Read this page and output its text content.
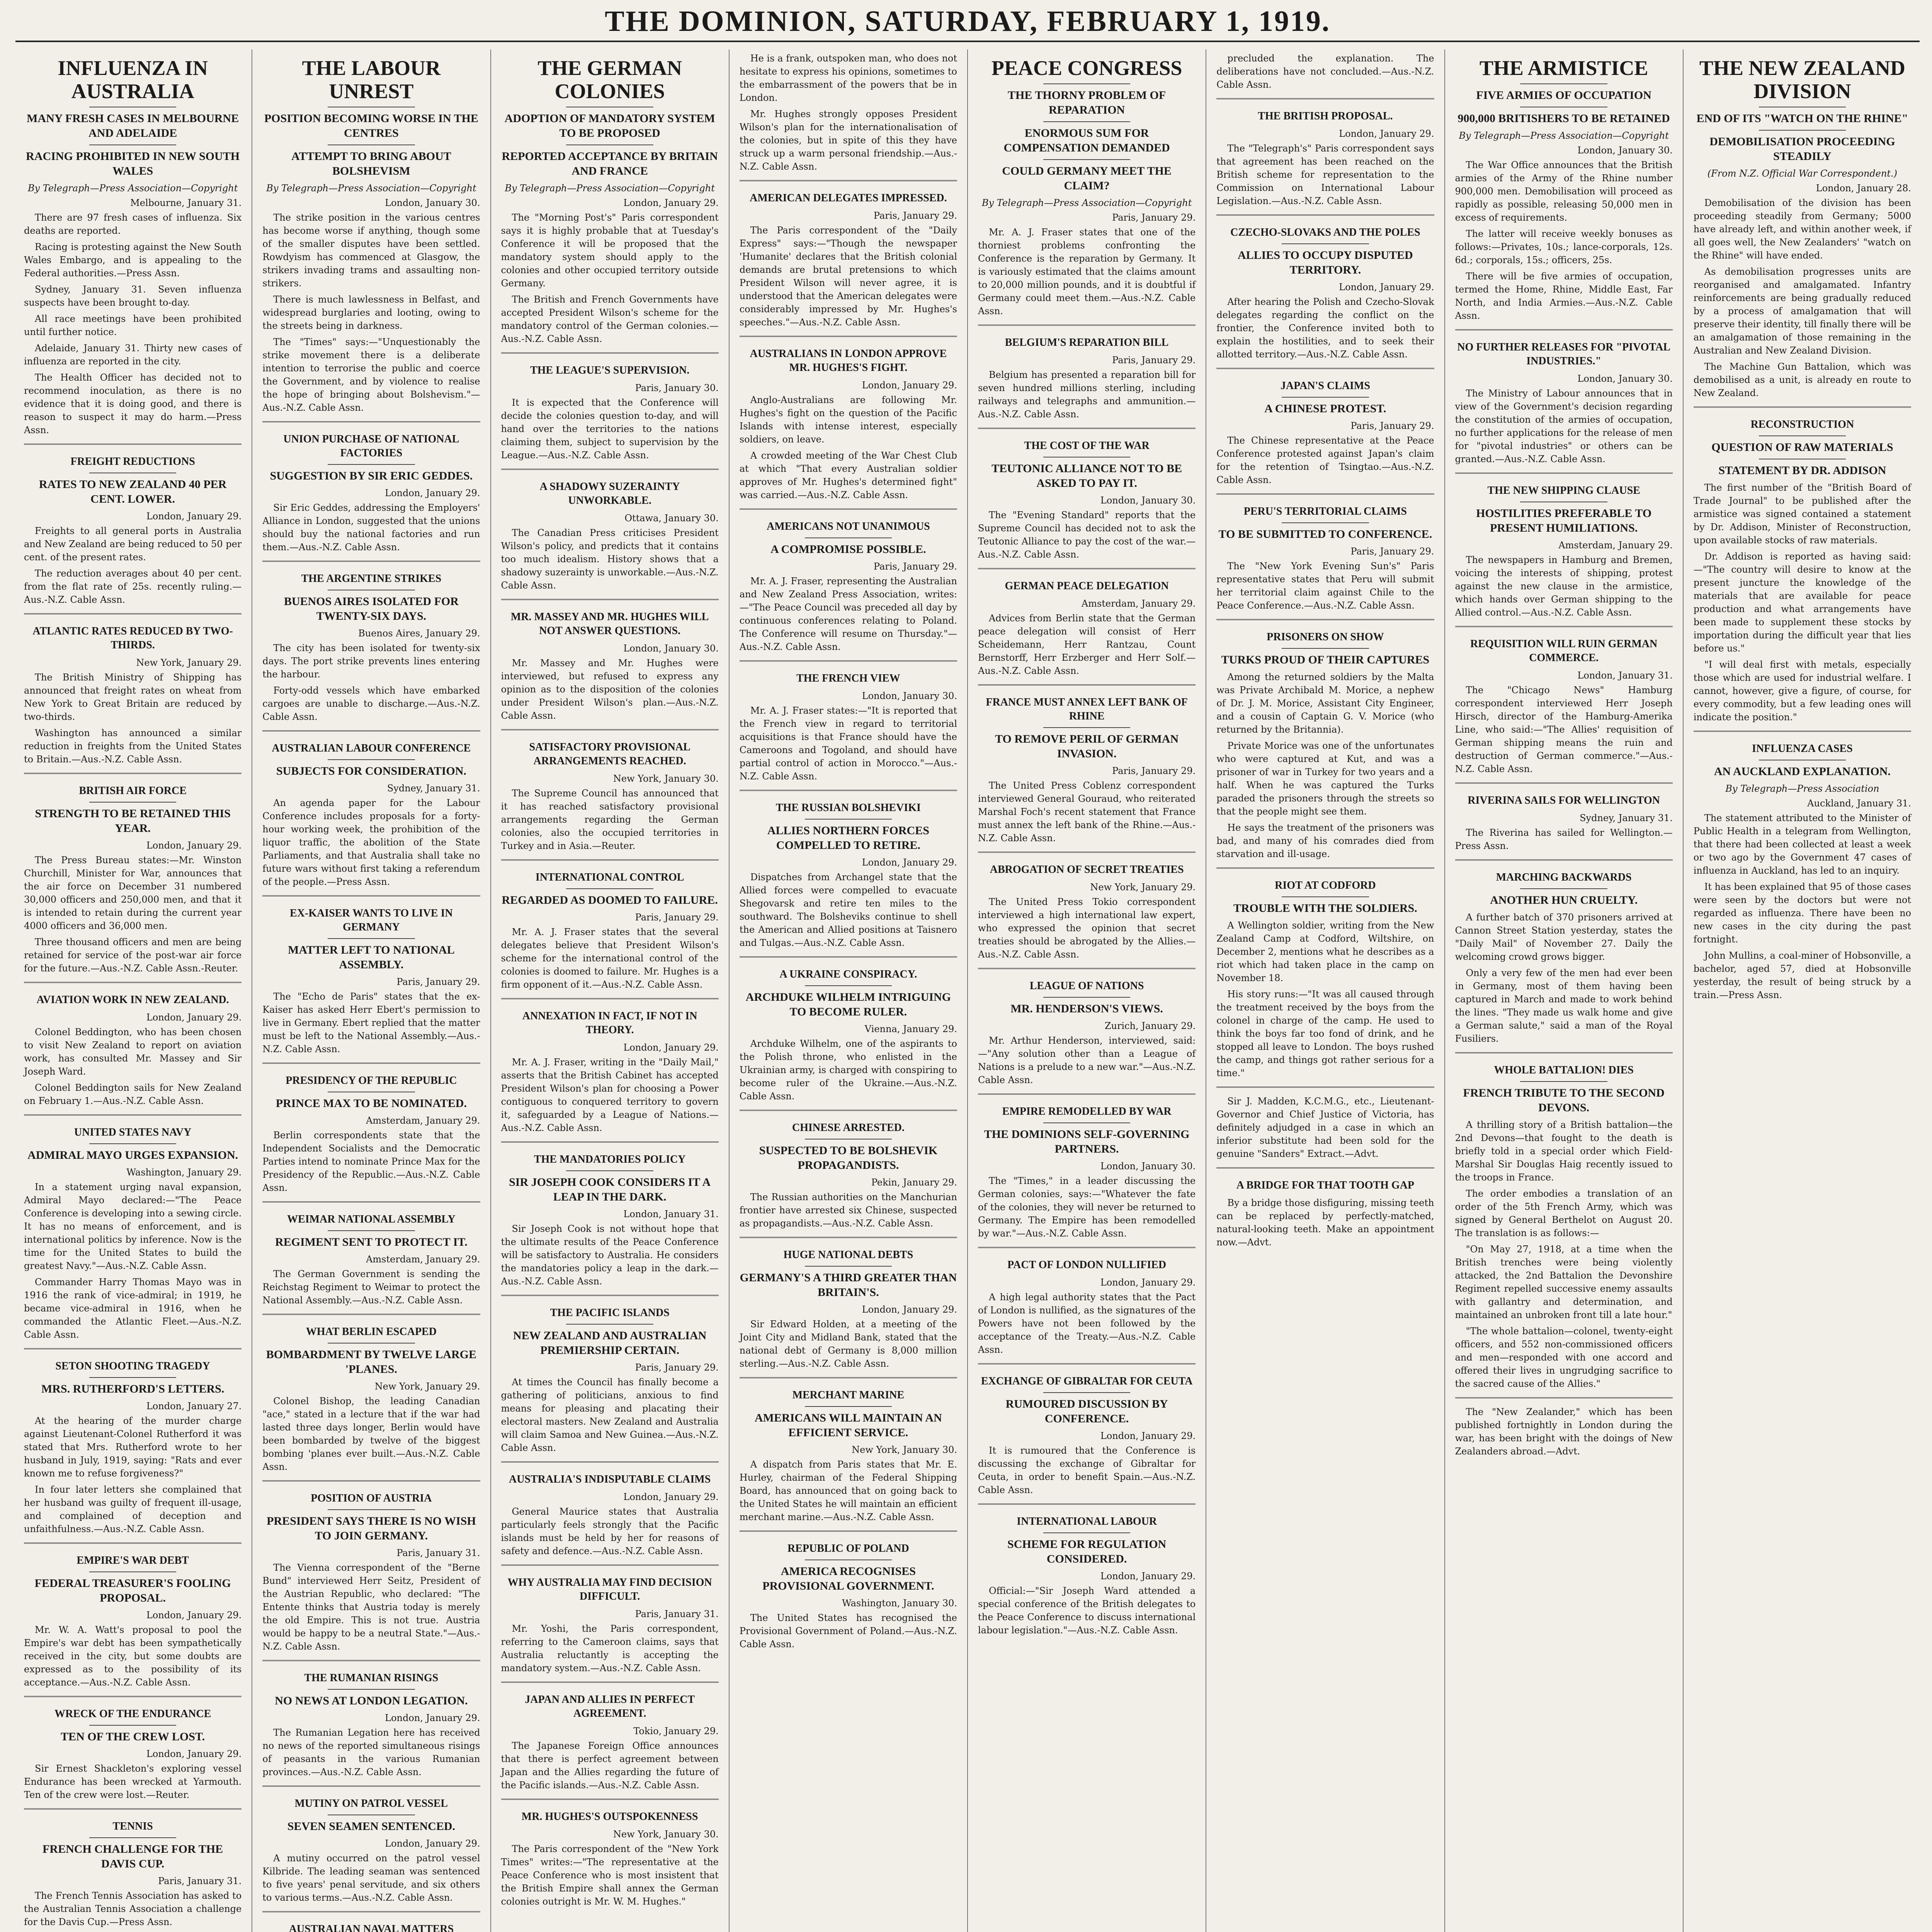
THE DOMINION, SATURDAY, FEBRUARY 1, 1919.
INFLUENZA IN AUSTRALIA
MANY FRESH CASES IN MELBOURNE AND ADELAIDE
RACING PROHIBITED IN NEW SOUTH WALES
By Telegraph—Press Association—Copyright
Melbourne, January 31.

There are 97 fresh cases of influenza. Six deaths are reported.

Racing is protesting against the New South Wales Embargo, and is appealing to the Federal authorities.—Press Assn.

Sydney, January 31. Seven influenza suspects have been brought to-day.

All race meetings have been prohibited until further notice.

Adelaide, January 31. Thirty new cases of influenza are reported in the city.

The Health Officer has decided not to recommend inoculation, as there is no evidence that it is doing good, and there is reason to suspect it may do harm.—Press Assn.

FREIGHT REDUCTIONS
RATES TO NEW ZEALAND 40 PER CENT. LOWER.
London, January 29.

Freights to all general ports in Australia and New Zealand are being reduced to 50 per cent. of the present rates.

The reduction averages about 40 per cent. from the flat rate of 25s. recently ruling.—Aus.-N.Z. Cable Assn.

ATLANTIC RATES REDUCED BY TWO-THIRDS.
New York, January 29.

The British Ministry of Shipping has announced that freight rates on wheat from New York to Great Britain are reduced by two-thirds.

Washington has announced a similar reduction in freights from the United States to Britain.—Aus.-N.Z. Cable Assn.

BRITISH AIR FORCE
STRENGTH TO BE RETAINED THIS YEAR.
London, January 29.

The Press Bureau states:—Mr. Winston Churchill, Minister for War, announces that the air force on December 31 numbered 30,000 officers and 250,000 men, and that it is intended to retain during the current year 4000 officers and 36,000 men.

Three thousand officers and men are being retained for service of the post-war air force for the future.—Aus.-N.Z. Cable Assn.-Reuter.

AVIATION WORK IN NEW ZEALAND.
London, January 29.

Colonel Beddington, who has been chosen to visit New Zealand to report on aviation work, has consulted Mr. Massey and Sir Joseph Ward.

Colonel Beddington sails for New Zealand on February 1.—Aus.-N.Z. Cable Assn.

UNITED STATES NAVY
ADMIRAL MAYO URGES EXPANSION.
Washington, January 29.

In a statement urging naval expansion, Admiral Mayo declared:—"The Peace Conference is developing into a sewing circle. It has no means of enforcement, and is international politics by inference. Now is the time for the United States to build the greatest Navy."—Aus.-N.Z. Cable Assn.

Commander Harry Thomas Mayo was in 1916 the rank of vice-admiral; in 1919, he became vice-admiral in 1916, when he commanded the Atlantic Fleet.—Aus.-N.Z. Cable Assn.

SETON SHOOTING TRAGEDY
MRS. RUTHERFORD'S LETTERS.
London, January 27.

At the hearing of the murder charge against Lieutenant-Colonel Rutherford it was stated that Mrs. Rutherford wrote to her husband in July, 1919, saying: "Rats and ever known me to refuse forgiveness?"

In four later letters she complained that her husband was guilty of frequent ill-usage, and complained of deception and unfaithfulness.—Aus.-N.Z. Cable Assn.

EMPIRE'S WAR DEBT
FEDERAL TREASURER'S FOOLING PROPOSAL.
London, January 29.

Mr. W. A. Watt's proposal to pool the Empire's war debt has been sympathetically received in the city, but some doubts are expressed as to the possibility of its acceptance.—Aus.-N.Z. Cable Assn.

WRECK OF THE ENDURANCE
TEN OF THE CREW LOST.
London, January 29.

Sir Ernest Shackleton's exploring vessel Endurance has been wrecked at Yarmouth. Ten of the crew were lost.—Reuter.

TENNIS
FRENCH CHALLENGE FOR THE DAVIS CUP.
Paris, January 31.

The French Tennis Association has asked to the Australian Tennis Association a challenge for the Davis Cup.—Press Assn.

THE LABOUR UNREST
POSITION BECOMING WORSE IN THE CENTRES
ATTEMPT TO BRING ABOUT BOLSHEVISM
By Telegraph—Press Association—Copyright
London, January 30.

The strike position in the various centres has become worse if anything, though some of the smaller disputes have been settled. Rowdyism has commenced at Glasgow, the strikers invading trams and assaulting non-strikers.

There is much lawlessness in Belfast, and widespread burglaries and looting, owing to the streets being in darkness.

The "Times" says:—"Unquestionably the strike movement there is a deliberate intention to terrorise the public and coerce the Government, and by violence to realise the hope of bringing about Bolshevism."—Aus.-N.Z. Cable Assn.

UNION PURCHASE OF NATIONAL FACTORIES
SUGGESTION BY SIR ERIC GEDDES.
London, January 29.

Sir Eric Geddes, addressing the Employers' Alliance in London, suggested that the unions should buy the national factories and run them.—Aus.-N.Z. Cable Assn.

THE ARGENTINE STRIKES
BUENOS AIRES ISOLATED FOR TWENTY-SIX DAYS.
Buenos Aires, January 29.

The city has been isolated for twenty-six days. The port strike prevents lines entering the harbour.

Forty-odd vessels which have embarked cargoes are unable to discharge.—Aus.-N.Z. Cable Assn.

AUSTRALIAN LABOUR CONFERENCE
SUBJECTS FOR CONSIDERATION.
Sydney, January 31.

An agenda paper for the Labour Conference includes proposals for a forty-hour working week, the prohibition of the liquor traffic, the abolition of the State Parliaments, and that Australia shall take no future wars without first taking a referendum of the people.—Press Assn.

EX-KAISER WANTS TO LIVE IN GERMANY
MATTER LEFT TO NATIONAL ASSEMBLY.
Paris, January 29.

The "Echo de Paris" states that the ex-Kaiser has asked Herr Ebert's permission to live in Germany. Ebert replied that the matter must be left to the National Assembly.—Aus.-N.Z. Cable Assn.

PRESIDENCY OF THE REPUBLIC
PRINCE MAX TO BE NOMINATED.
Amsterdam, January 29.

Berlin correspondents state that the Independent Socialists and the Democratic Parties intend to nominate Prince Max for the Presidency of the Republic.—Aus.-N.Z. Cable Assn.

WEIMAR NATIONAL ASSEMBLY
REGIMENT SENT TO PROTECT IT.
Amsterdam, January 29.

The German Government is sending the Reichstag Regiment to Weimar to protect the National Assembly.—Aus.-N.Z. Cable Assn.

WHAT BERLIN ESCAPED
BOMBARDMENT BY TWELVE LARGE 'PLANES.
New York, January 29.

Colonel Bishop, the leading Canadian "ace," stated in a lecture that if the war had lasted three days longer, Berlin would have been bombarded by twelve of the biggest bombing 'planes ever built.—Aus.-N.Z. Cable Assn.

POSITION OF AUSTRIA
PRESIDENT SAYS THERE IS NO WISH TO JOIN GERMANY.
Paris, January 31.

The Vienna correspondent of the "Berne Bund" interviewed Herr Seitz, President of the Austrian Republic, who declared: "The Entente thinks that Austria today is merely the old Empire. This is not true. Austria would be happy to be a neutral State."—Aus.-N.Z. Cable Assn.

THE RUMANIAN RISINGS
NO NEWS AT LONDON LEGATION.
London, January 29.

The Rumanian Legation here has received no news of the reported simultaneous risings of peasants in the various Rumanian provinces.—Aus.-N.Z. Cable Assn.

MUTINY ON PATROL VESSEL
SEVEN SEAMEN SENTENCED.
London, January 29.

A mutiny occurred on the patrol vessel Kilbride. The leading seaman was sentenced to five years' penal servitude, and six others to various terms.—Aus.-N.Z. Cable Assn.

AUSTRALIAN NAVAL MATTERS

THE GERMAN COLONIES
ADOPTION OF MANDATORY SYSTEM TO BE PROPOSED
REPORTED ACCEPTANCE BY BRITAIN AND FRANCE
By Telegraph—Press Association—Copyright
London, January 29.

The "Morning Post's" Paris correspondent says it is highly probable that at Tuesday's Conference it will be proposed that the mandatory system should apply to the colonies and other occupied territory outside Germany.

The British and French Governments have accepted President Wilson's scheme for the mandatory control of the German colonies.—Aus.-N.Z. Cable Assn.

THE LEAGUE'S SUPERVISION.
Paris, January 30.

It is expected that the Conference will decide the colonies question to-day, and will hand over the territories to the nations claiming them, subject to supervision by the League.—Aus.-N.Z. Cable Assn.

A SHADOWY SUZERAINTY UNWORKABLE.
Ottawa, January 30.

The Canadian Press criticises President Wilson's policy, and predicts that it contains too much idealism. History shows that a shadowy suzerainty is unworkable.—Aus.-N.Z. Cable Assn.

MR. MASSEY AND MR. HUGHES WILL NOT ANSWER QUESTIONS.
London, January 30.

Mr. Massey and Mr. Hughes were interviewed, but refused to express any opinion as to the disposition of the colonies under President Wilson's plan.—Aus.-N.Z. Cable Assn.

SATISFACTORY PROVISIONAL ARRANGEMENTS REACHED.
New York, January 30.

The Supreme Council has announced that it has reached satisfactory provisional arrangements regarding the German colonies, also the occupied territories in Turkey and in Asia.—Reuter.

INTERNATIONAL CONTROL
REGARDED AS DOOMED TO FAILURE.
Paris, January 29.

Mr. A. J. Fraser states that the several delegates believe that President Wilson's scheme for the international control of the colonies is doomed to failure. Mr. Hughes is a firm opponent of it.—Aus.-N.Z. Cable Assn.

ANNEXATION IN FACT, IF NOT IN THEORY.
London, January 29.

Mr. A. J. Fraser, writing in the "Daily Mail," asserts that the British Cabinet has accepted President Wilson's plan for choosing a Power contiguous to conquered territory to govern it, safeguarded by a League of Nations.—Aus.-N.Z. Cable Assn.

THE MANDATORIES POLICY
SIR JOSEPH COOK CONSIDERS IT A LEAP IN THE DARK.
London, January 31.

Sir Joseph Cook is not without hope that the ultimate results of the Peace Conference will be satisfactory to Australia. He considers the mandatories policy a leap in the dark.—Aus.-N.Z. Cable Assn.

THE PACIFIC ISLANDS
NEW ZEALAND AND AUSTRALIAN PREMIERSHIP CERTAIN.
Paris, January 29.

At times the Council has finally become a gathering of politicians, anxious to find means for pleasing and placating their electoral masters. New Zealand and Australia will claim Samoa and New Guinea.—Aus.-N.Z. Cable Assn.

AUSTRALIA'S INDISPUTABLE CLAIMS
London, January 29.

General Maurice states that Australia particularly feels strongly that the Pacific islands must be held by her for reasons of safety and defence.—Aus.-N.Z. Cable Assn.

WHY AUSTRALIA MAY FIND DECISION DIFFICULT.
Paris, January 31.

Mr. Yoshi, the Paris correspondent, referring to the Cameroon claims, says that Australia reluctantly is accepting the mandatory system.—Aus.-N.Z. Cable Assn.

JAPAN AND ALLIES IN PERFECT AGREEMENT.
Tokio, January 29.

The Japanese Foreign Office announces that there is perfect agreement between Japan and the Allies regarding the future of the Pacific islands.—Aus.-N.Z. Cable Assn.

MR. HUGHES'S OUTSPOKENNESS
New York, January 30.

The Paris correspondent of the "New York Times" writes:—"The representative at the Peace Conference who is most insistent that the British Empire shall annex the German colonies outright is Mr. W. M. Hughes."

He is a frank, outspoken man, who does not hesitate to express his opinions, sometimes to the embarrassment of the powers that be in London.

Mr. Hughes strongly opposes President Wilson's plan for the internationalisation of the colonies, but in spite of this they have struck up a warm personal friendship.—Aus.-N.Z. Cable Assn.

AMERICAN DELEGATES IMPRESSED.
Paris, January 29.

The Paris correspondent of the "Daily Express" says:—"Though the newspaper 'Humanite' declares that the British colonial demands are brutal pretensions to which President Wilson will never agree, it is understood that the American delegates were considerably impressed by Mr. Hughes's speeches."—Aus.-N.Z. Cable Assn.

AUSTRALIANS IN LONDON APPROVE MR. HUGHES'S FIGHT.
London, January 29.

Anglo-Australians are following Mr. Hughes's fight on the question of the Pacific Islands with intense interest, especially soldiers, on leave.

A crowded meeting of the War Chest Club at which "That every Australian soldier approves of Mr. Hughes's determined fight" was carried.—Aus.-N.Z. Cable Assn.

AMERICANS NOT UNANIMOUS
A COMPROMISE POSSIBLE.
Paris, January 29.

Mr. A. J. Fraser, representing the Australian and New Zealand Press Association, writes:—"The Peace Council was preceded all day by continuous conferences relating to Poland. The Conference will resume on Thursday."—Aus.-N.Z. Cable Assn.

THE FRENCH VIEW
London, January 30.

Mr. A. J. Fraser states:—"It is reported that the French view in regard to territorial acquisitions is that France should have the Cameroons and Togoland, and should have partial control of action in Morocco."—Aus.-N.Z. Cable Assn.

THE RUSSIAN BOLSHEVIKI
ALLIES NORTHERN FORCES COMPELLED TO RETIRE.
London, January 29.

Dispatches from Archangel state that the Allied forces were compelled to evacuate Shegovarsk and retire ten miles to the southward. The Bolsheviks continue to shell the American and Allied positions at Taisnero and Tulgas.—Aus.-N.Z. Cable Assn.

A UKRAINE CONSPIRACY.
ARCHDUKE WILHELM INTRIGUING TO BECOME RULER.
Vienna, January 29.

Archduke Wilhelm, one of the aspirants to the Polish throne, who enlisted in the Ukrainian army, is charged with conspiring to become ruler of the Ukraine.—Aus.-N.Z. Cable Assn.

CHINESE ARRESTED.
SUSPECTED TO BE BOLSHEVIK PROPAGANDISTS.
Pekin, January 29.

The Russian authorities on the Manchurian frontier have arrested six Chinese, suspected as propagandists.—Aus.-N.Z. Cable Assn.

HUGE NATIONAL DEBTS
GERMANY'S A THIRD GREATER THAN BRITAIN'S.
London, January 29.

Sir Edward Holden, at a meeting of the Joint City and Midland Bank, stated that the national debt of Germany is 8,000 million sterling.—Aus.-N.Z. Cable Assn.

MERCHANT MARINE
AMERICANS WILL MAINTAIN AN EFFICIENT SERVICE.
New York, January 30.

A dispatch from Paris states that Mr. E. Hurley, chairman of the Federal Shipping Board, has announced that on going back to the United States he will maintain an efficient merchant marine.—Aus.-N.Z. Cable Assn.

REPUBLIC OF POLAND
AMERICA RECOGNISES PROVISIONAL GOVERNMENT.
Washington, January 30.

The United States has recognised the Provisional Government of Poland.—Aus.-N.Z. Cable Assn.

PEACE CONGRESS
THE THORNY PROBLEM OF REPARATION
ENORMOUS SUM FOR COMPENSATION DEMANDED
COULD GERMANY MEET THE CLAIM?
By Telegraph—Press Association—Copyright
Paris, January 29.

Mr. A. J. Fraser states that one of the thorniest problems confronting the Conference is the reparation by Germany. It is variously estimated that the claims amount to 20,000 million pounds, and it is doubtful if Germany could meet them.—Aus.-N.Z. Cable Assn.

BELGIUM'S REPARATION BILL
Paris, January 29.

Belgium has presented a reparation bill for seven hundred millions sterling, including railways and telegraphs and ammunition.—Aus.-N.Z. Cable Assn.

THE COST OF THE WAR
TEUTONIC ALLIANCE NOT TO BE ASKED TO PAY IT.
London, January 30.

The "Evening Standard" reports that the Supreme Council has decided not to ask the Teutonic Alliance to pay the cost of the war.—Aus.-N.Z. Cable Assn.

GERMAN PEACE DELEGATION
Amsterdam, January 29.

Advices from Berlin state that the German peace delegation will consist of Herr Scheidemann, Herr Rantzau, Count Bernstorff, Herr Erzberger and Herr Solf.—Aus.-N.Z. Cable Assn.

FRANCE MUST ANNEX LEFT BANK OF RHINE
TO REMOVE PERIL OF GERMAN INVASION.
Paris, January 29.

The United Press Coblenz correspondent interviewed General Gouraud, who reiterated Marshal Foch's recent statement that France must annex the left bank of the Rhine.—Aus.-N.Z. Cable Assn.

ABROGATION OF SECRET TREATIES
New York, January 29.

The United Press Tokio correspondent interviewed a high international law expert, who expressed the opinion that secret treaties should be abrogated by the Allies.—Aus.-N.Z. Cable Assn.

LEAGUE OF NATIONS
MR. HENDERSON'S VIEWS.
Zurich, January 29.

Mr. Arthur Henderson, interviewed, said:—"Any solution other than a League of Nations is a prelude to a new war."—Aus.-N.Z. Cable Assn.

EMPIRE REMODELLED BY WAR
THE DOMINIONS SELF-GOVERNING PARTNERS.
London, January 30.

The "Times," in a leader discussing the German colonies, says:—"Whatever the fate of the colonies, they will never be returned to Germany. The Empire has been remodelled by war."—Aus.-N.Z. Cable Assn.

PACT OF LONDON NULLIFIED
London, January 29.

A high legal authority states that the Pact of London is nullified, as the signatures of the Powers have not been followed by the acceptance of the Treaty.—Aus.-N.Z. Cable Assn.

EXCHANGE OF GIBRALTAR FOR CEUTA
RUMOURED DISCUSSION BY CONFERENCE.
London, January 29.

It is rumoured that the Conference is discussing the exchange of Gibraltar for Ceuta, in order to benefit Spain.—Aus.-N.Z. Cable Assn.

INTERNATIONAL LABOUR
SCHEME FOR REGULATION CONSIDERED.
London, January 29.

Official:—"Sir Joseph Ward attended a special conference of the British delegates to the Peace Conference to discuss international labour legislation."—Aus.-N.Z. Cable Assn.

precluded the explanation. The deliberations have not concluded.—Aus.-N.Z. Cable Assn.

THE BRITISH PROPOSAL.
London, January 29.

The "Telegraph's" Paris correspondent says that agreement has been reached on the British scheme for representation to the Commission on International Labour Legislation.—Aus.-N.Z. Cable Assn.

CZECHO-SLOVAKS AND THE POLES
ALLIES TO OCCUPY DISPUTED TERRITORY.
London, January 29.

After hearing the Polish and Czecho-Slovak delegates regarding the conflict on the frontier, the Conference invited both to explain the hostilities, and to seek their allotted territory.—Aus.-N.Z. Cable Assn.

JAPAN'S CLAIMS
A CHINESE PROTEST.
Paris, January 29.

The Chinese representative at the Peace Conference protested against Japan's claim for the retention of Tsingtao.—Aus.-N.Z. Cable Assn.

PERU'S TERRITORIAL CLAIMS
TO BE SUBMITTED TO CONFERENCE.
Paris, January 29.

The "New York Evening Sun's" Paris representative states that Peru will submit her territorial claim against Chile to the Peace Conference.—Aus.-N.Z. Cable Assn.

PRISONERS ON SHOW
TURKS PROUD OF THEIR CAPTURES

Among the returned soldiers by the Malta was Private Archibald M. Morice, a nephew of Dr. J. M. Morice, Assistant City Engineer, and a cousin of Captain G. V. Morice (who returned by the Britannia).

Private Morice was one of the unfortunates who were captured at Kut, and was a prisoner of war in Turkey for two years and a half. When he was captured the Turks paraded the prisoners through the streets so that the people might see them.

He says the treatment of the prisoners was bad, and many of his comrades died from starvation and ill-usage.

RIOT AT CODFORD
TROUBLE WITH THE SOLDIERS.

A Wellington soldier, writing from the New Zealand Camp at Codford, Wiltshire, on December 2, mentions what he describes as a riot which had taken place in the camp on November 18.

His story runs:—"It was all caused through the treatment received by the boys from the colonel in charge of the camp. He used to think the boys far too fond of drink, and he stopped all leave to London. The boys rushed the camp, and things got rather serious for a time."

Sir J. Madden, K.C.M.G., etc., Lieutenant-Governor and Chief Justice of Victoria, has definitely adjudged in a case in which an inferior substitute had been sold for the genuine "Sanders" Extract.—Advt.

A BRIDGE FOR THAT TOOTH GAP

By a bridge those disfiguring, missing teeth can be replaced by perfectly-matched, natural-looking teeth. Make an appointment now.—Advt.

THE ARMISTICE
FIVE ARMIES OF OCCUPATION
900,000 BRITISHERS TO BE RETAINED
By Telegraph—Press Association—Copyright
London, January 30.

The War Office announces that the British armies of the Army of the Rhine number 900,000 men. Demobilisation will proceed as rapidly as possible, releasing 50,000 men in excess of requirements.

The latter will receive weekly bonuses as follows:—Privates, 10s.; lance-corporals, 12s. 6d.; corporals, 15s.; officers, 25s.

There will be five armies of occupation, termed the Home, Rhine, Middle East, Far North, and India Armies.—Aus.-N.Z. Cable Assn.

NO FURTHER RELEASES FOR "PIVOTAL INDUSTRIES."
London, January 30.

The Ministry of Labour announces that in view of the Government's decision regarding the constitution of the armies of occupation, no further applications for the release of men for "pivotal industries" or others can be granted.—Aus.-N.Z. Cable Assn.

THE NEW SHIPPING CLAUSE
HOSTILITIES PREFERABLE TO PRESENT HUMILIATIONS.
Amsterdam, January 29.

The newspapers in Hamburg and Bremen, voicing the interests of shipping, protest against the new clause in the armistice, which hands over German shipping to the Allied control.—Aus.-N.Z. Cable Assn.

REQUISITION WILL RUIN GERMAN COMMERCE.
London, January 31.

The "Chicago News" Hamburg correspondent interviewed Herr Joseph Hirsch, director of the Hamburg-Amerika Line, who said:—"The Allies' requisition of German shipping means the ruin and destruction of German commerce."—Aus.-N.Z. Cable Assn.

RIVERINA SAILS FOR WELLINGTON
Sydney, January 31.

The Riverina has sailed for Wellington.—Press Assn.

MARCHING BACKWARDS
ANOTHER HUN CRUELTY.

A further batch of 370 prisoners arrived at Cannon Street Station yesterday, states the "Daily Mail" of November 27. Daily the welcoming crowd grows bigger.

Only a very few of the men had ever been in Germany, most of them having been captured in March and made to work behind the lines. "They made us walk home and give a German salute," said a man of the Royal Fusiliers.

WHOLE BATTALION! DIES
FRENCH TRIBUTE TO THE SECOND DEVONS.

A thrilling story of a British battalion—the 2nd Devons—that fought to the death is briefly told in a special order which Field-Marshal Sir Douglas Haig recently issued to the troops in France.

The order embodies a translation of an order of the 5th French Army, which was signed by General Berthelot on August 20. The translation is as follows:—

"On May 27, 1918, at a time when the British trenches were being violently attacked, the 2nd Battalion the Devonshire Regiment repelled successive enemy assaults with gallantry and determination, and maintained an unbroken front till a late hour."

"The whole battalion—colonel, twenty-eight officers, and 552 non-commissioned officers and men—responded with one accord and offered their lives in ungrudging sacrifice to the sacred cause of the Allies."

The "New Zealander," which has been published fortnightly in London during the war, has been bright with the doings of New Zealanders abroad.—Advt.

THE NEW ZEALAND DIVISION
END OF ITS "WATCH ON THE RHINE"
DEMOBILISATION PROCEEDING STEADILY
(From N.Z. Official War Correspondent.)
London, January 28.

Demobilisation of the division has been proceeding steadily from Germany; 5000 have already left, and within another week, if all goes well, the New Zealanders' "watch on the Rhine" will have ended.

As demobilisation progresses units are reorganised and amalgamated. Infantry reinforcements are being gradually reduced by a process of amalgamation that will preserve their identity, till finally there will be an amalgamation of those remaining in the Australian and New Zealand Division.

The Machine Gun Battalion, which was demobilised as a unit, is already en route to New Zealand.

RECONSTRUCTION
QUESTION OF RAW MATERIALS
STATEMENT BY DR. ADDISON

The first number of the "British Board of Trade Journal" to be published after the armistice was signed contained a statement by Dr. Addison, Minister of Reconstruction, upon available stocks of raw materials.

Dr. Addison is reported as having said:—"The country will desire to know at the present juncture the knowledge of the materials that are available for peace production and what arrangements have been made to supplement these stocks by importation during the difficult year that lies before us."

"I will deal first with metals, especially those which are used for industrial welfare. I cannot, however, give a figure, of course, for every commodity, but a few leading ones will indicate the position."

INFLUENZA CASES
AN AUCKLAND EXPLANATION.
By Telegraph—Press Association
Auckland, January 31.

The statement attributed to the Minister of Public Health in a telegram from Wellington, that there had been collected at least a week or two ago by the Government 47 cases of influenza in Auckland, has led to an inquiry.

It has been explained that 95 of those cases were seen by the doctors but were not regarded as influenza. There have been no new cases in the city during the past fortnight.

John Mullins, a coal-miner of Hobsonville, a bachelor, aged 57, died at Hobsonville yesterday, the result of being struck by a train.—Press Assn.
